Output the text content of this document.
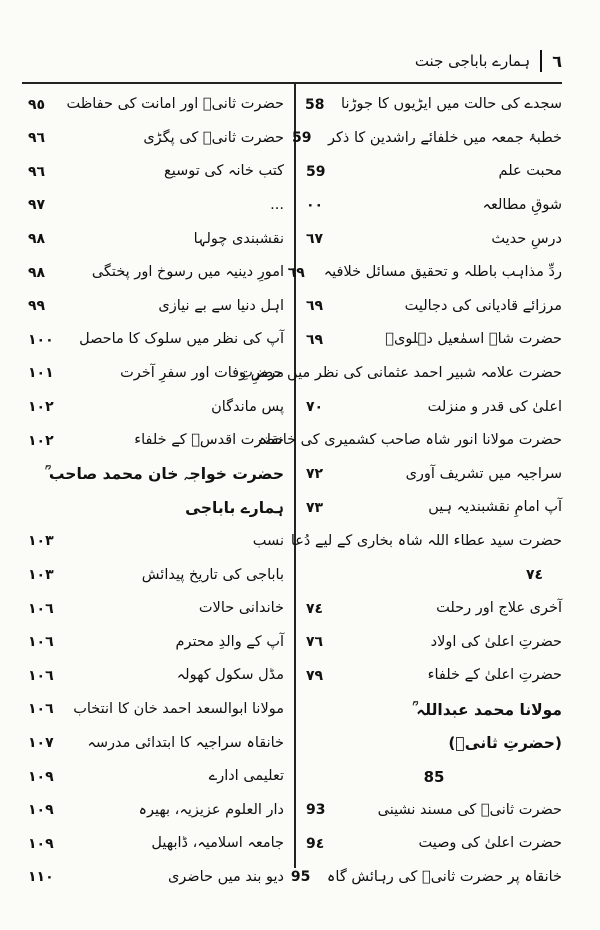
٦
ہمارے باباجی جنت
سجدے کی حالت میں ایڑیوں کا جوڑنا
58
خطبۂ جمعہ میں خلفائے راشدین کا ذکر
59
محبت علم
59
شوقِ مطالعہ
۰۰
درسِ حدیث
٦٧
ردِّ مذاہب باطلہ و تحقیق مسائل خلافیہ
٦٩
مرزائے قادیانی کی دجالیت
٦٩
حضرت شاہ اسمٰعیل دہلویؒ
٦٩
حضرت علامہ شبیر احمد عثمانی کی نظر میں حضرتِ
اعلیٰ کی قدر و منزلت
٧٠
حضرت مولانا انور شاہ صاحب کشمیری کی خانقاہ
سراجیہ میں تشریف آوری
٧٢
آپ امامِ نقشبندیہ ہیں
٧٣
حضرت سید عطاء اللہ شاہ بخاری کے لیے دُعا
٧٤
آخری علاج اور رحلت
٧٤
حضرتِ اعلیٰ کی اولاد
٧٦
حضرتِ اعلیٰ کے خلفاء
٧٩
مولانا محمد عبداللہ ؒ
(حضرتِ ثانیؒ)
85
حضرت ثانیؒ کی مسند نشینی
93
حضرت اعلیٰ کی وصیت
9٤
خانقاہ پر حضرت ثانیؒ کی رہائش گاہ
95
حضرت ثانیؒ اور امانت کی حفاظت
٩٥
حضرت ثانیؒ کی پگڑی
٩٦
کتب خانہ کی توسیع
٩٦
...
٩٧
نقشبندی چولہا
٩٨
امورِ دینیہ میں رسوخ اور پختگی
٩٨
اہل دنیا سے بے نیازی
٩٩
آپ کی نظر میں سلوک کا ماحصل
١٠٠
مرضِ وفات اور سفرِ آخرت
١٠١
پس ماندگان
١٠٢
حضرت اقدسؒ کے خلفاء
١٠٢
حضرت خواجہ خان محمد صاحب ؒ
ہمارے باباجی
نسب
١٠٣
باباجی کی تاریخ پیدائش
١٠٣
خاندانی حالات
١٠٦
آپ کے والدِ محترم
١٠٦
مڈل سکول کھولہ
١٠٦
مولانا ابوالسعد احمد خان کا انتخاب
١٠٦
خانقاہ سراجیہ کا ابتدائی مدرسہ
١٠٧
تعلیمی ادارے
١٠٩
دار العلوم عزیزیہ، بھیرہ
١٠٩
جامعہ اسلامیہ، ڈابھیل
١٠٩
دیو بند میں حاضری
١١٠
